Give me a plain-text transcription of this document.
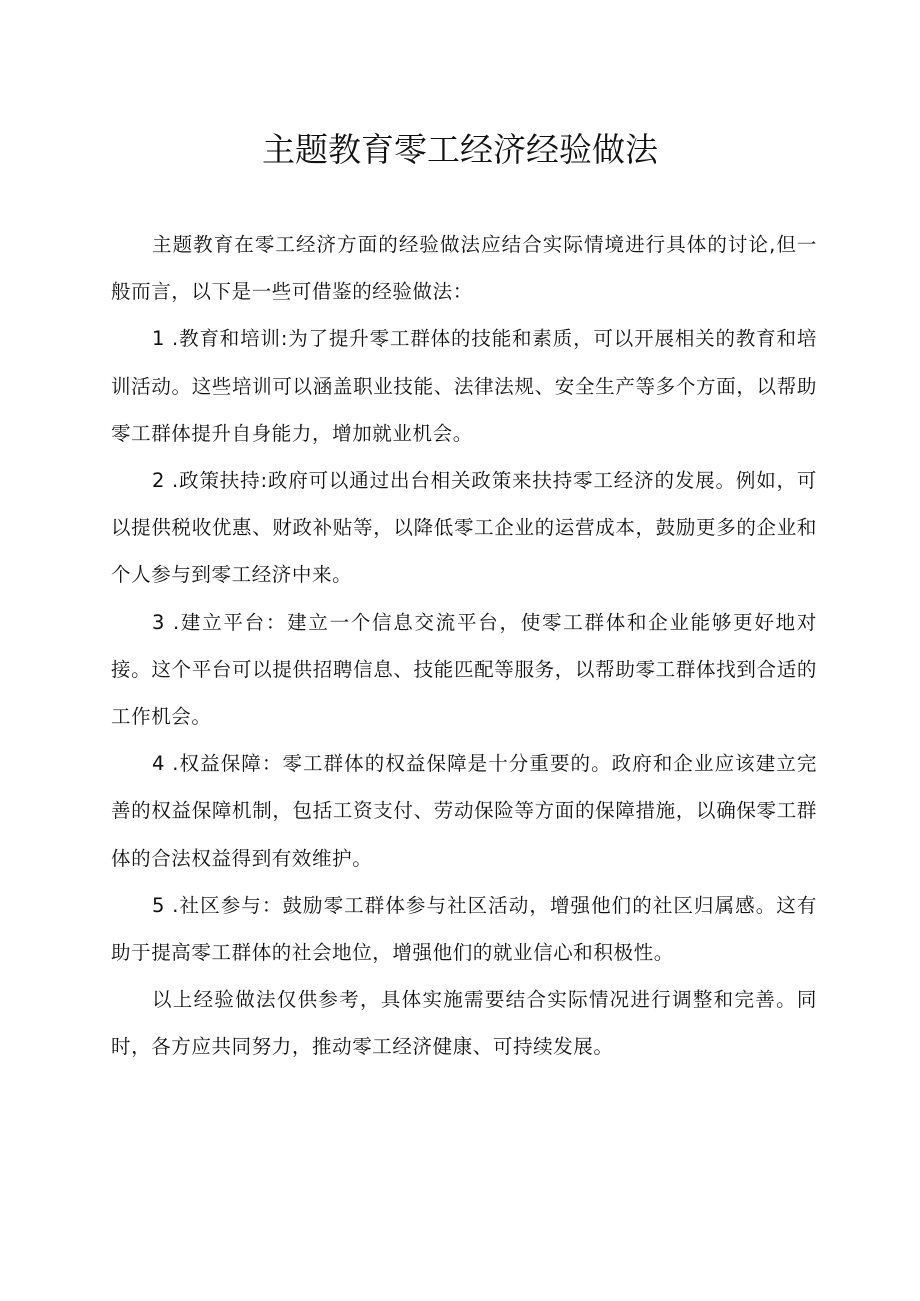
主题教育零工经济经验做法

主题教育在零工经济方面的经验做法应结合实际情境进行具体的讨论,但一般而言，以下是一些可借鉴的经验做法：

1 .教育和培训:为了提升零工群体的技能和素质，可以开展相关的教育和培训活动。这些培训可以涵盖职业技能、法律法规、安全生产等多个方面，以帮助零工群体提升自身能力，增加就业机会。

2 .政策扶持:政府可以通过出台相关政策来扶持零工经济的发展。例如，可以提供税收优惠、财政补贴等，以降低零工企业的运营成本，鼓励更多的企业和个人参与到零工经济中来。

3 .建立平台：建立一个信息交流平台，使零工群体和企业能够更好地对接。这个平台可以提供招聘信息、技能匹配等服务，以帮助零工群体找到合适的工作机会。

4 .权益保障：零工群体的权益保障是十分重要的。政府和企业应该建立完善的权益保障机制，包括工资支付、劳动保险等方面的保障措施，以确保零工群体的合法权益得到有效维护。

5 .社区参与：鼓励零工群体参与社区活动，增强他们的社区归属感。这有助于提高零工群体的社会地位，增强他们的就业信心和积极性。

以上经验做法仅供参考，具体实施需要结合实际情况进行调整和完善。同时，各方应共同努力，推动零工经济健康、可持续发展。
